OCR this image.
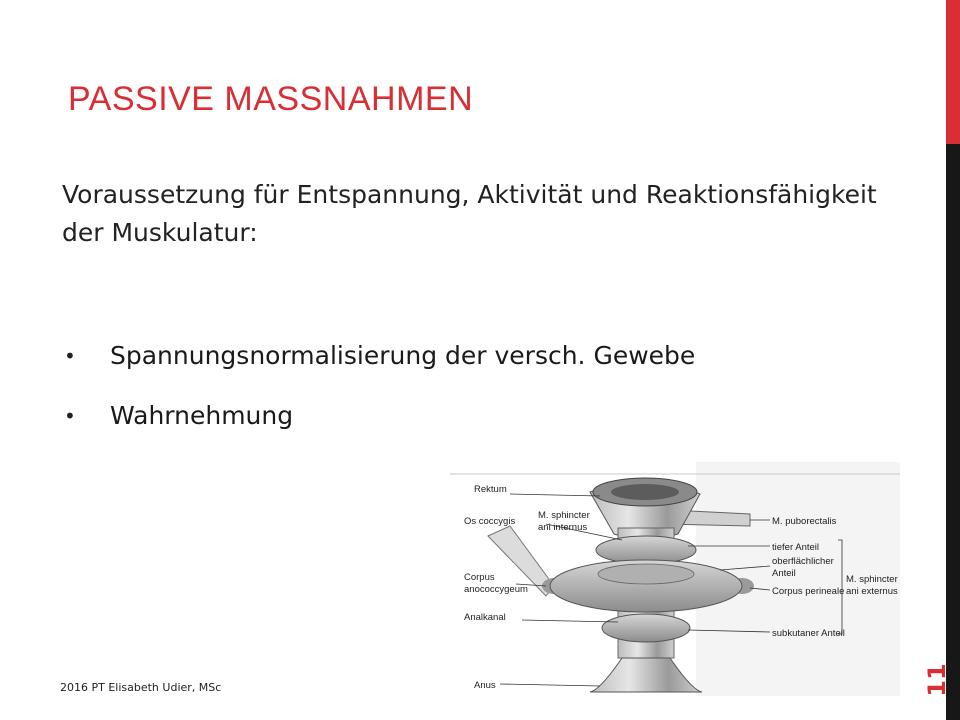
PASSIVE MASSNAHMEN
Voraussetzung für Entspannung, Aktivität und Reaktionsfähigkeit der Muskulatur:
•	Spannungsnormalisierung der versch. Gewebe
•	Wahrnehmung
Rektum
Os coccygis
M. sphincter
ani internus
Corpus
anococcygeum
Analkanal
Anus
M. puborectalis
tiefer Anteil
oberflächlicher
Anteil
Corpus perineale
subkutaner Anteil
M. sphincter
ani externus
2016 PT Elisabeth Udier, MSc	11
